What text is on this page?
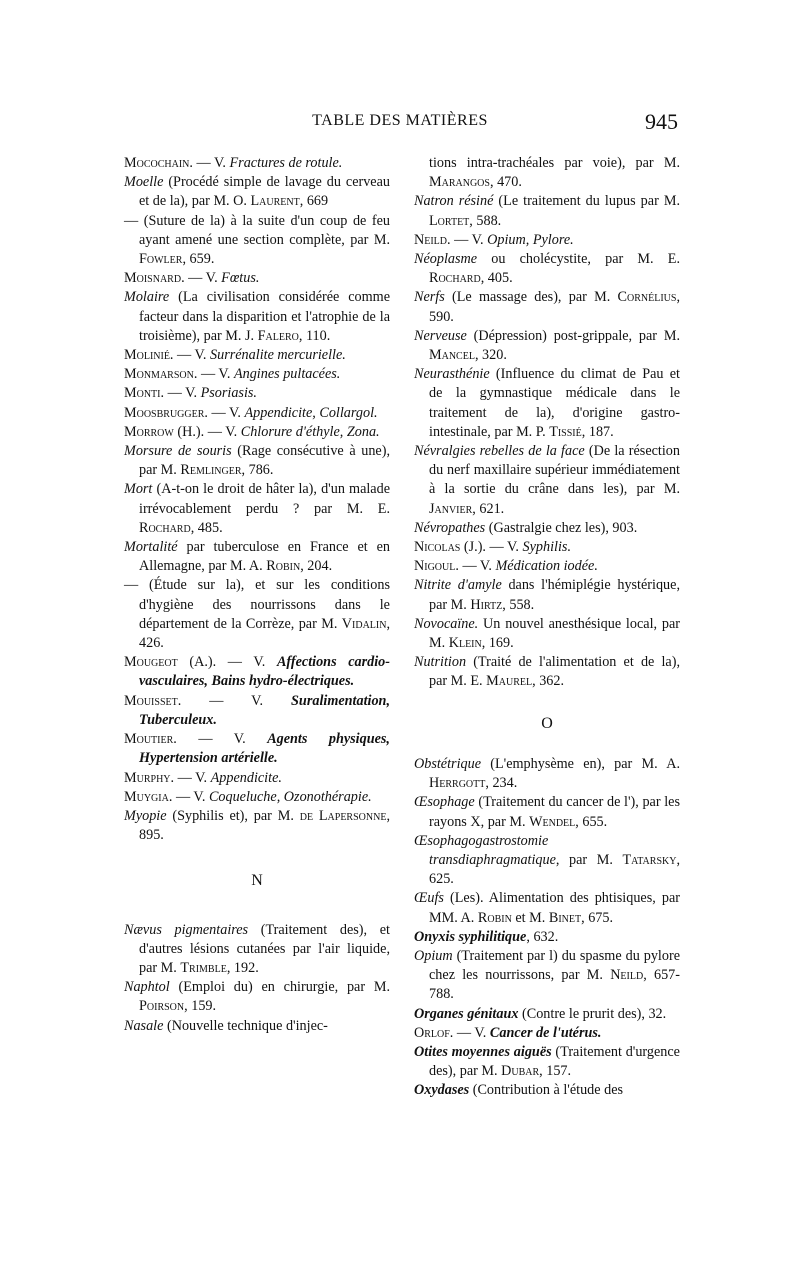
TABLE DES MATIÈRES	945

Mocochain. — V. Fractures de rotule.

Moelle (Procédé simple de lavage du cerveau et de la), par M. O. Laurent, 669

— (Suture de la) à la suite d'un coup de feu ayant amené une section complète, par M. Fowler, 659.

Moisnard. — V. Fœtus.

Molaire (La civilisation considérée comme facteur dans la disparition et l'atrophie de la troisième), par M. J. Falero, 110.

Molinié. — V. Surrénalite mercurielle.

Monmarson. — V. Angines pultacées.

Monti. — V. Psoriasis.

Moosbrugger. — V. Appendicite, Collargol.

Morrow (H.). — V. Chlorure d'éthyle, Zona.

Morsure de souris (Rage consécutive à une), par M. Remlinger, 786.

Mort (A-t-on le droit de hâter la), d'un malade irrévocablement perdu ? par M. E. Rochard, 485.

Mortalité par tuberculose en France et en Allemagne, par M. A. Robin, 204.

— (Étude sur la), et sur les conditions d'hygiène des nourrissons dans le département de la Corrèze, par M. Vidalin, 426.

Mougeot (A.). — V. Affections cardio-vasculaires, Bains hydro-électriques.

Mouisset. — V. Suralimentation, Tuberculeux.

Moutier. — V. Agents physiques, Hypertension artérielle.

Murphy. — V. Appendicite.

Muygia. — V. Coqueluche, Ozonothérapie.

Myopie (Syphilis et), par M. de Lapersonne, 895.

N

Nævus pigmentaires (Traitement des), et d'autres lésions cutanées par l'air liquide, par M. Trimble, 192.

Naphtol (Emploi du) en chirurgie, par M. Poirson, 159.

Nasale (Nouvelle technique d'injec-

tions intra-trachéales par voie), par M. Marangos, 470.

Natron résiné (Le traitement du lupus par M. Lortet, 588.

Neild. — V. Opium, Pylore.

Néoplasme ou cholécystite, par M. E. Rochard, 405.

Nerfs (Le massage des), par M. Cornélius, 590.

Nerveuse (Dépression) post-grippale, par M. Mancel, 320.

Neurasthénie (Influence du climat de Pau et de la gymnastique médicale dans le traitement de la), d'origine gastro-intestinale, par M. P. Tissié, 187.

Névralgies rebelles de la face (De la résection du nerf maxillaire supérieur immédiatement à la sortie du crâne dans les), par M. Janvier, 621.

Névropathes (Gastralgie chez les), 903.

Nicolas (J.). — V. Syphilis.

Nigoul. — V. Médication iodée.

Nitrite d'amyle dans l'hémiplégie hystérique, par M. Hirtz, 558.

Novocaïne. Un nouvel anesthésique local, par M. Klein, 169.

Nutrition (Traité de l'alimentation et de la), par M. E. Maurel, 362.

O

Obstétrique (L'emphysème en), par M. A. Herrgott, 234.

Œsophage (Traitement du cancer de l'), par les rayons X, par M. Wendel, 655.

Œsophagogastrostomie transdiaphragmatique, par M. Tatarsky, 625.

Œufs (Les). Alimentation des phtisiques, par MM. A. Robin et M. Binet, 675.

Onyxis syphilitique, 632.

Opium (Traitement par l) du spasme du pylore chez les nourrissons, par M. Neild, 657-788.

Organes génitaux (Contre le prurit des), 32.

Orlof. — V. Cancer de l'utérus.

Otites moyennes aiguës (Traitement d'urgence des), par M. Dubar, 157.

Oxydases (Contribution à l'étude des
